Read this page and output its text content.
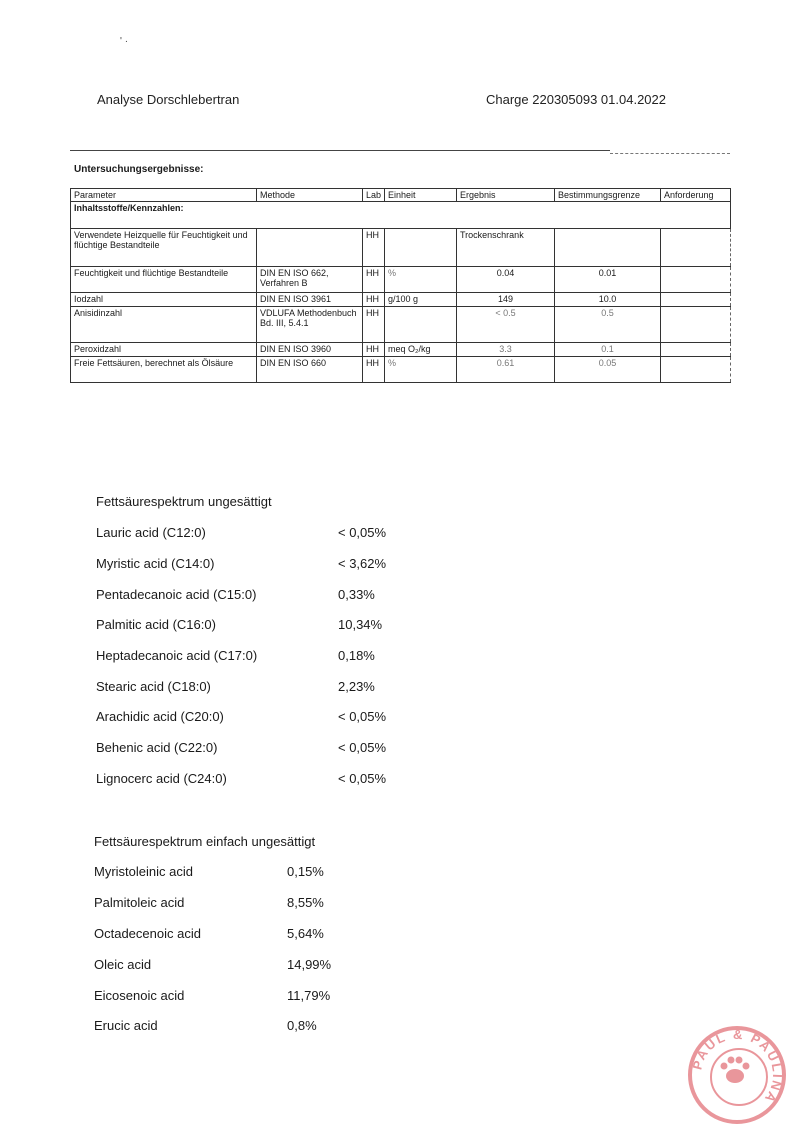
' ·
Analyse Dorschlebertran	Charge 220305093 01.04.2022
Untersuchungsergebnisse:
Parameter	Methode	Lab	Einheit	Ergebnis	Bestimmungsgrenze	Anforderung
Inhaltsstoffe/Kennzahlen:						
Verwendete Heizquelle für Feuchtigkeit und flüchtige Bestandteile		HH		Trockenschrank		
Feuchtigkeit und flüchtige Bestandteile	DIN EN ISO 662, Verfahren B	HH	%	0.04	0.01	
Iodzahl	DIN EN ISO 3961	HH	g/100 g	149	10.0	
Anisidinzahl	VDLUFA Methodenbuch Bd. III, 5.4.1	HH		< 0.5	0.5	
Peroxidzahl	DIN EN ISO 3960	HH	meq O₂/kg	3.3	0.1	
Freie Fettsäuren, berechnet als Ölsäure	DIN EN ISO 660	HH	%	0.61	0.05	
Fettsäurespektrum ungesättigt
Lauric acid (C12:0)	< 0,05%
Myristic acid (C14:0)	< 3,62%
Pentadecanoic acid (C15:0)	0,33%
Palmitic acid (C16:0)	10,34%
Heptadecanoic acid (C17:0)	0,18%
Stearic acid (C18:0)	2,23%
Arachidic acid (C20:0)	< 0,05%
Behenic acid (C22:0)	< 0,05%
Lignocerc acid (C24:0)	< 0,05%
Fettsäurespektrum einfach ungesättigt
Myristoleinic acid	0,15%
Palmitoleic acid	8,55%
Octadecenoic acid	5,64%
Oleic acid	14,99%
Eicosenoic acid	11,79%
Erucic acid	0,8%
PAUL & PAULINA
